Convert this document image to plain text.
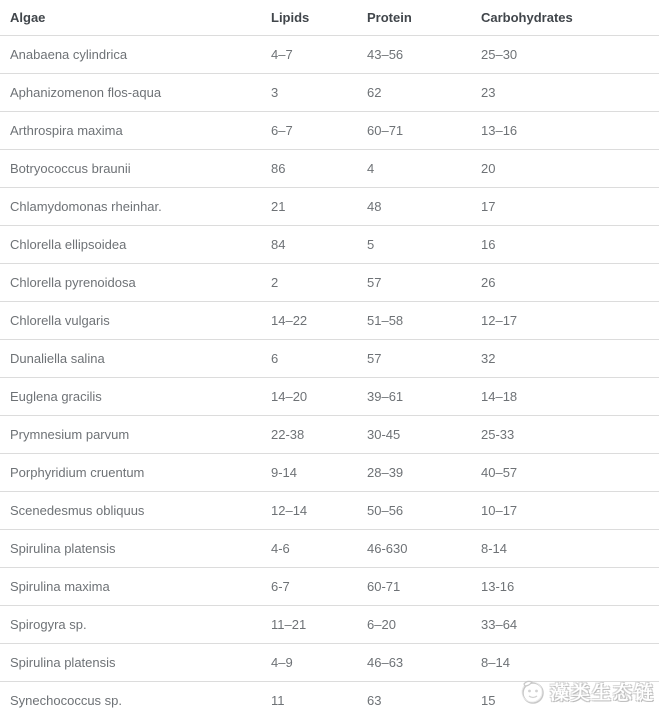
Algae	Lipids	Protein	Carbohydrates
Anabaena cylindrica	4–7	43–56	25–30
Aphanizomenon flos-aqua	3	62	23
Arthrospira maxima	6–7	60–71	13–16
Botryococcus braunii	86	4	20
Chlamydomonas rheinhar.	21	48	17
Chlorella ellipsoidea	84	5	16
Chlorella pyrenoidosa	2	57	26
Chlorella vulgaris	14–22	51–58	12–17
Dunaliella salina	6	57	32
Euglena gracilis	14–20	39–61	14–18
Prymnesium parvum	22-38	30-45	25-33
Porphyridium cruentum	9-14	28–39	40–57
Scenedesmus obliquus	12–14	50–56	10–17
Spirulina platensis	4-6	46-630	8-14
Spirulina maxima	6-7	60-71	13-16
Spirogyra sp.	11–21	6–20	33–64
Spirulina platensis	4–9	46–63	8–14
Synechococcus sp.	11	63	15	藻类生态链
